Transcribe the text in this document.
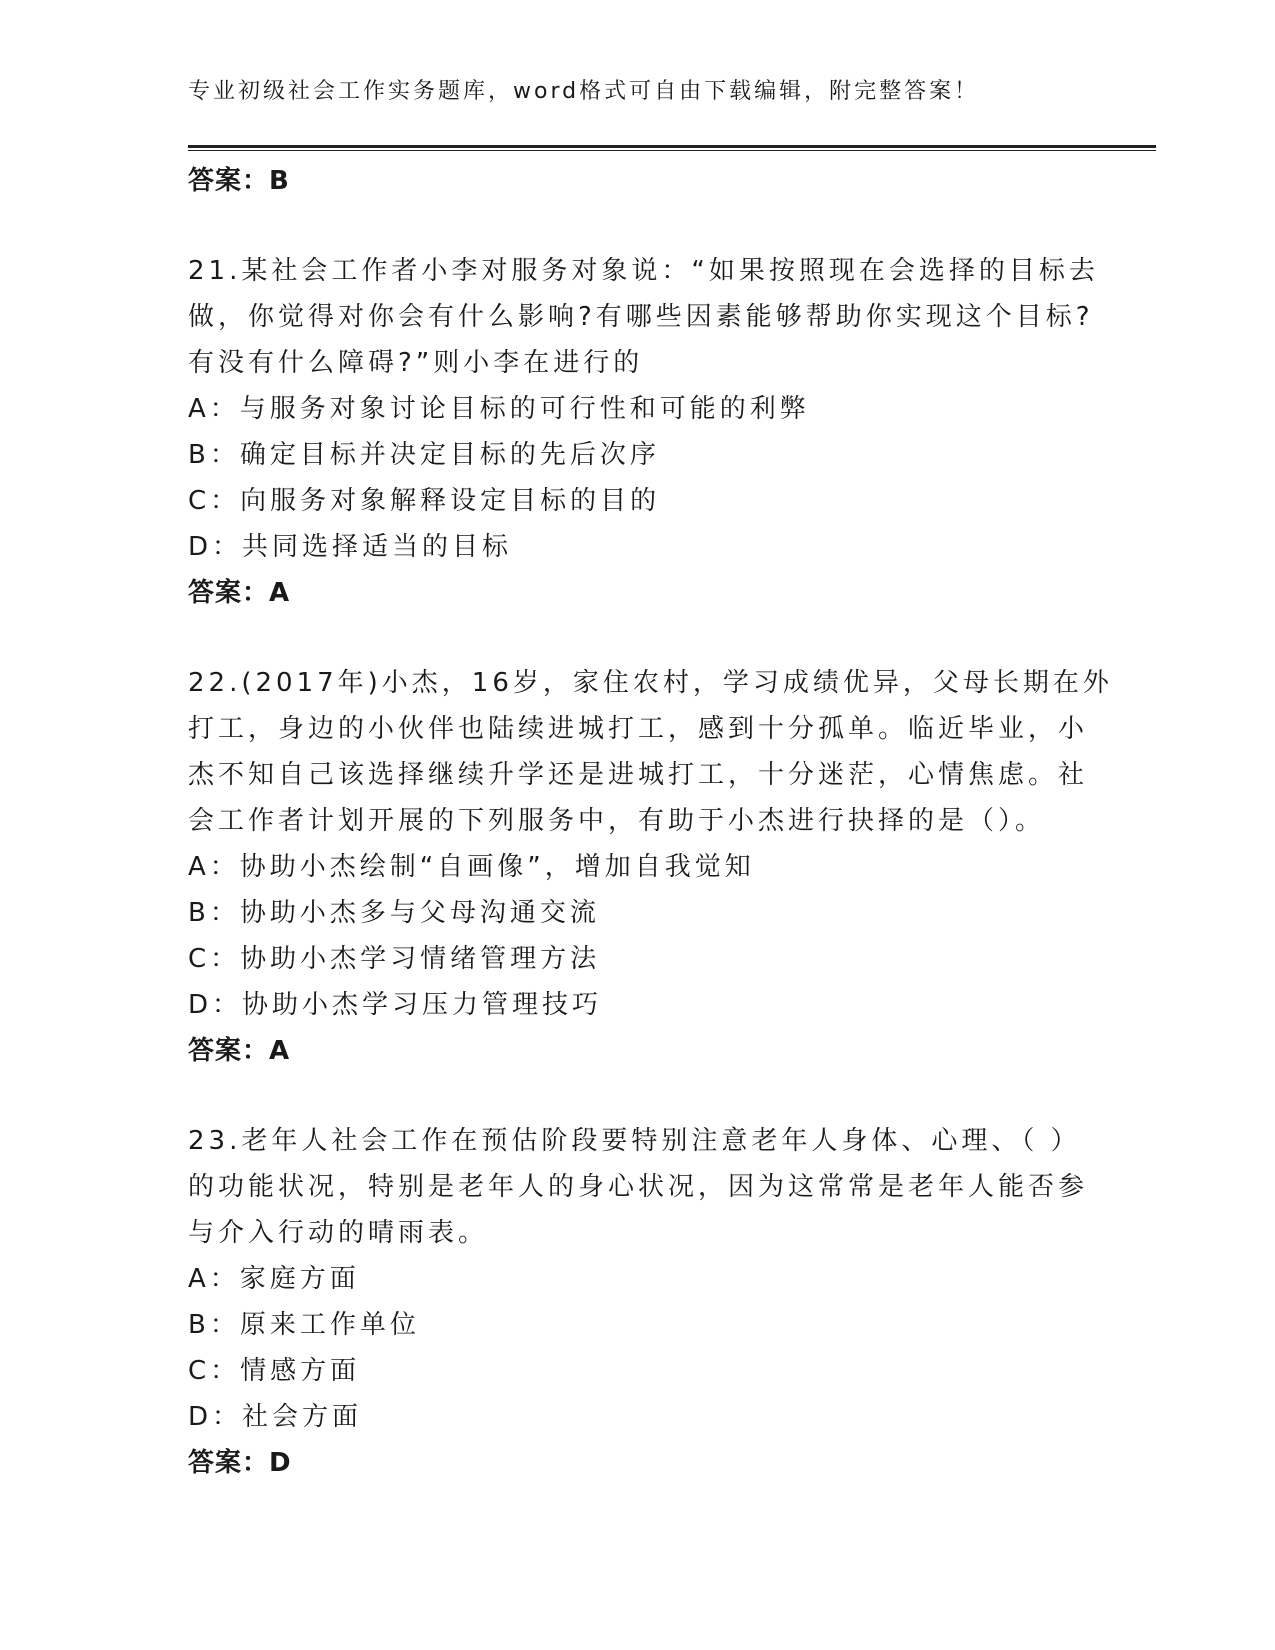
专业初级社会工作实务题库，word格式可自由下载编辑，附完整答案！
答案：B
21.某社会工作者小李对服务对象说：“如果按照现在会选择的目标去
做，你觉得对你会有什么影响?有哪些因素能够帮助你实现这个目标?
有没有什么障碍?”则小李在进行的
A：与服务对象讨论目标的可行性和可能的利弊
B：确定目标并决定目标的先后次序
C：向服务对象解释设定目标的目的
D：共同选择适当的目标
答案：A
22.(2017年)小杰，16岁，家住农村，学习成绩优异，父母长期在外
打工，身边的小伙伴也陆续进城打工，感到十分孤单。临近毕业，小
杰不知自己该选择继续升学还是进城打工，十分迷茫，心情焦虑。社
会工作者计划开展的下列服务中，有助于小杰进行抉择的是（）。
A：协助小杰绘制“自画像”，增加自我觉知
B：协助小杰多与父母沟通交流
C：协助小杰学习情绪管理方法
D：协助小杰学习压力管理技巧
答案：A
23.老年人社会工作在预估阶段要特别注意老年人身体、心理、（ ）
的功能状况，特别是老年人的身心状况，因为这常常是老年人能否参
与介入行动的晴雨表。
A：家庭方面
B：原来工作单位
C：情感方面
D：社会方面
答案：D
